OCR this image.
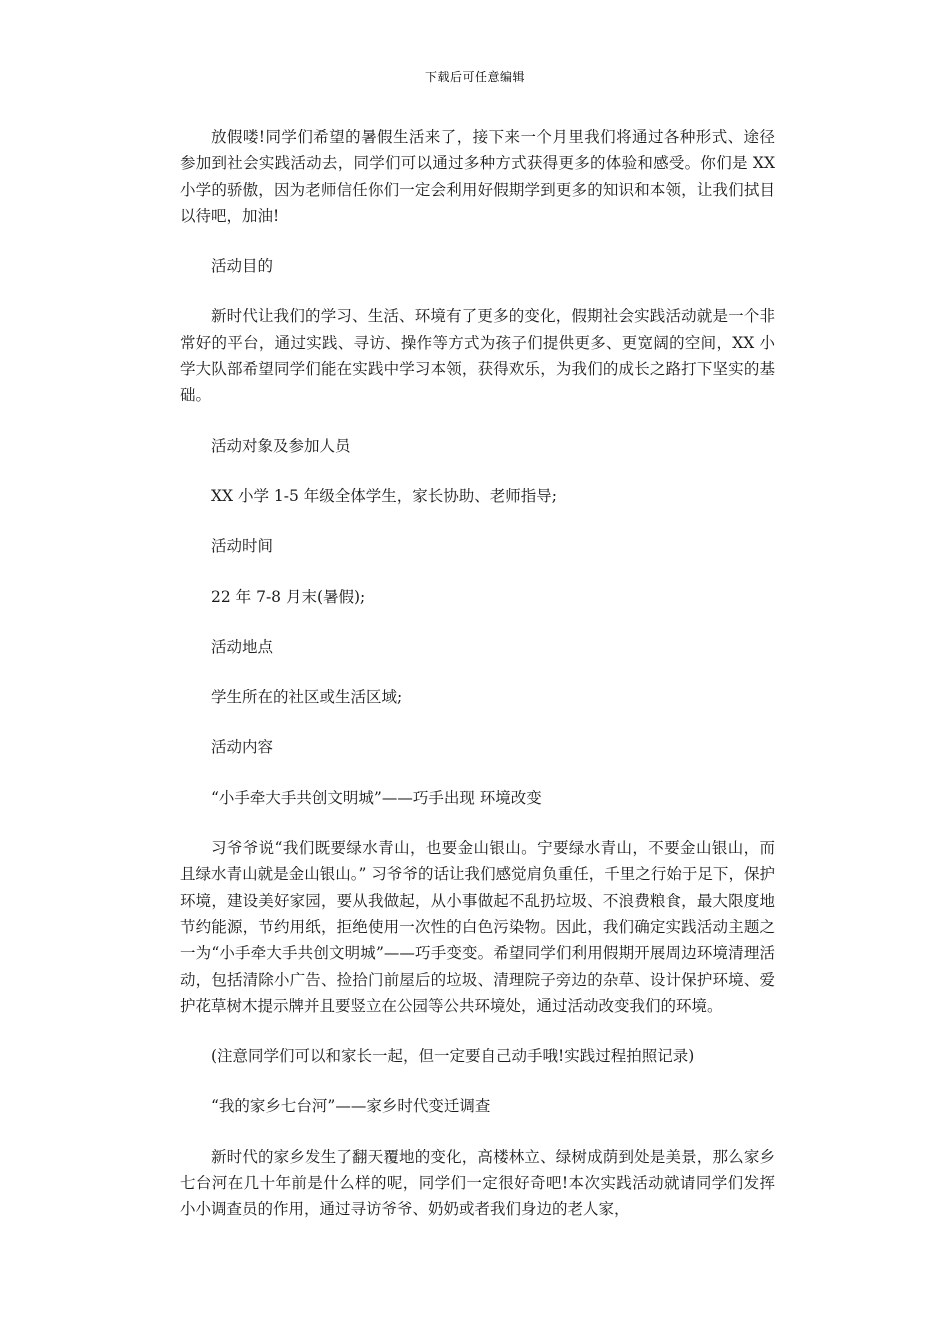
下载后可任意编辑

放假喽!同学们希望的暑假生活来了，接下来一个月里我们将通过各种形式、途径参加到社会实践活动去，同学们可以通过多种方式获得更多的体验和感受。你们是 XX 小学的骄傲，因为老师信任你们一定会利用好假期学到更多的知识和本领，让我们拭目以待吧，加油!

活动目的

新时代让我们的学习、生活、环境有了更多的变化，假期社会实践活动就是一个非常好的平台，通过实践、寻访、操作等方式为孩子们提供更多、更宽阔的空间，XX 小学大队部希望同学们能在实践中学习本领，获得欢乐，为我们的成长之路打下坚实的基础。

活动对象及参加人员

XX 小学 1-5 年级全体学生，家长协助、老师指导;

活动时间

22 年 7-8 月末(暑假);

活动地点

学生所在的社区或生活区域;

活动内容

“小手牵大手共创文明城”——巧手出现 环境改变

习爷爷说“我们既要绿水青山，也要金山银山。宁要绿水青山，不要金山银山，而且绿水青山就是金山银山。” 习爷爷的话让我们感觉肩负重任，千里之行始于足下，保护环境，建设美好家园，要从我做起，从小事做起不乱扔垃圾、不浪费粮食，最大限度地节约能源，节约用纸，拒绝使用一次性的白色污染物。因此，我们确定实践活动主题之一为“小手牵大手共创文明城”——巧手变变。希望同学们利用假期开展周边环境清理活动，包括清除小广告、捡拾门前屋后的垃圾、清理院子旁边的杂草、设计保护环境、爱护花草树木提示牌并且要竖立在公园等公共环境处，通过活动改变我们的环境。

(注意同学们可以和家长一起，但一定要自己动手哦!实践过程拍照记录)

“我的家乡七台河”——家乡时代变迁调查

新时代的家乡发生了翻天覆地的变化，高楼林立、绿树成荫到处是美景，那么家乡七台河在几十年前是什么样的呢，同学们一定很好奇吧!本次实践活动就请同学们发挥小小调查员的作用，通过寻访爷爷、奶奶或者我们身边的老人家，
